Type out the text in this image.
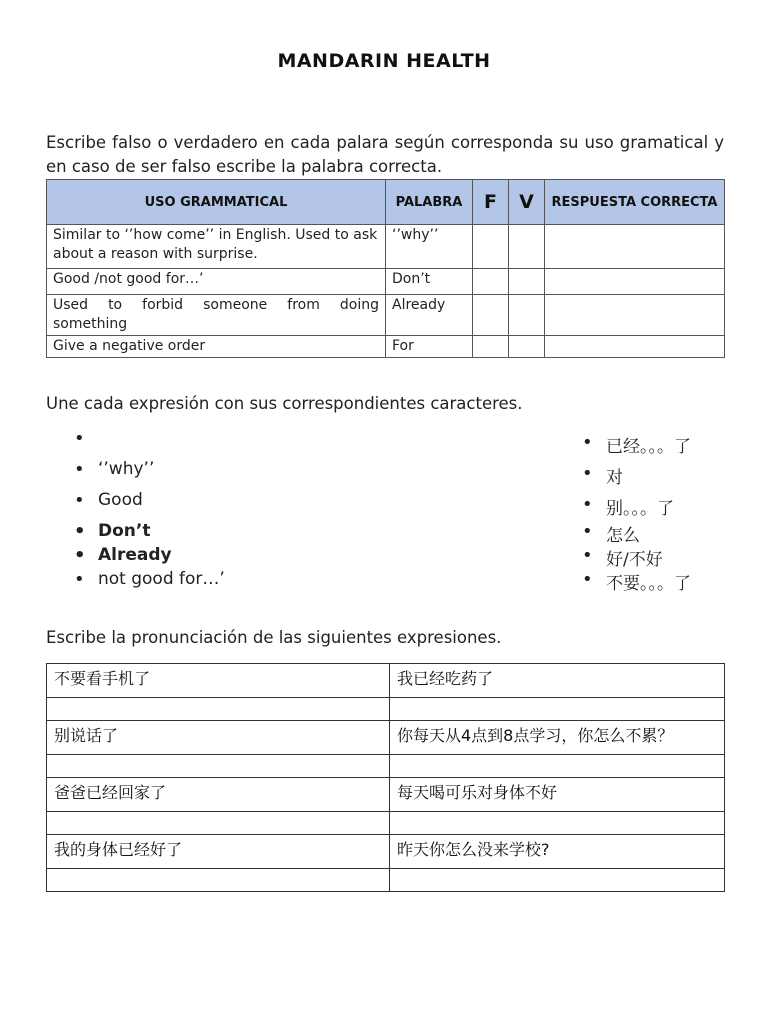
MANDARIN HEALTH
Escribe falso o verdadero en cada palara según corresponda su uso gramatical y en caso de ser falso escribe la palabra correcta.
USO GRAMMATICAL	PALABRA	F	V	RESPUESTA CORRECTA
Similar to ‘’how come’’ in English. Used to ask about a reason with surprise.	‘’why’’			
Good /not good for…’	Don’t			
Used to forbid someone from doing something	Already			
Give a negative order	For			
Une cada expresión con sus correspondientes caracteres.
•
• ‘’why’’
• Good
• Don’t
• Already
• not good for…’
• 已经。。。了
• 对
• 别。。。了
• 怎么
• 好/不好
• 不要。。。了
Escribe la pronunciación de las siguientes expresiones.
不要看手机了	我已经吃药了

别说话了	你每天从4点到8点学习，你怎么不累？

爸爸已经回家了	每天喝可乐对身体不好

我的身体已经好了	昨天你怎么没来学校?
